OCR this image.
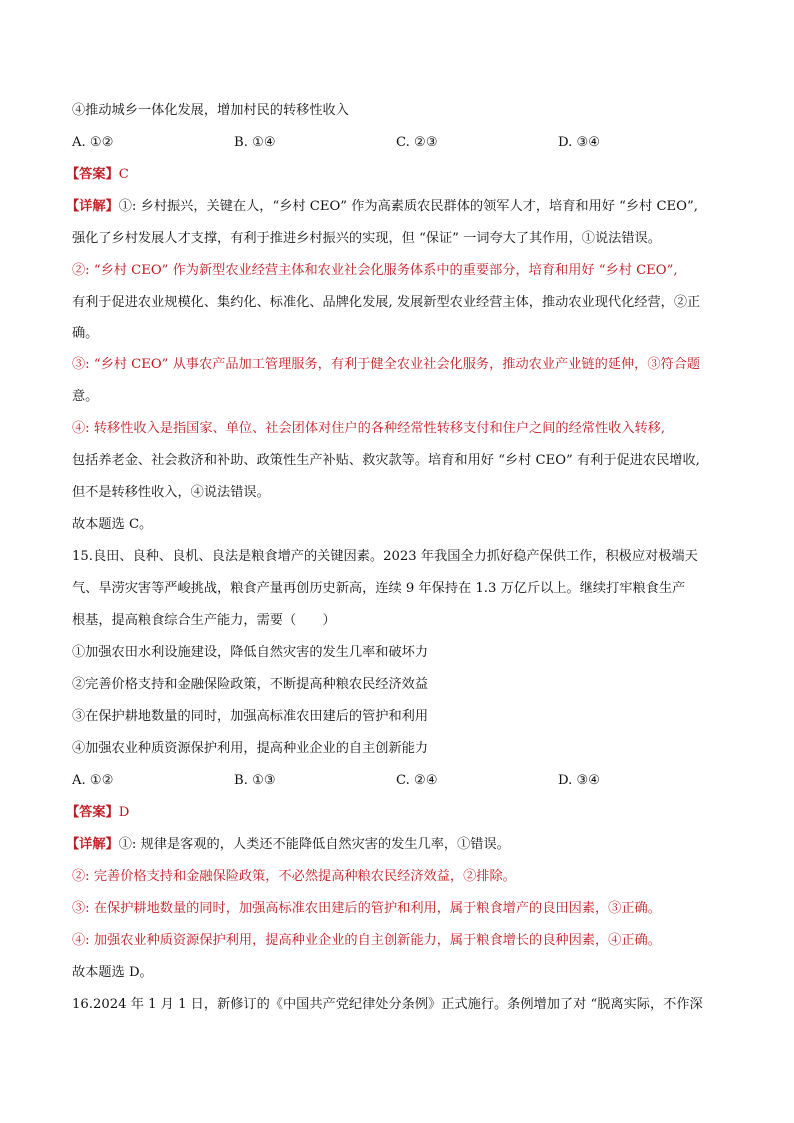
④推动城乡一体化发展，增加村民的转移性收入
A. ①②	B. ①④	C. ②③	D. ③④
【答案】C
【详解】①: 乡村振兴，关键在人，“乡村 CEO” 作为高素质农民群体的领军人才，培育和用好 “乡村 CEO”,
强化了乡村发展人才支撑，有利于推进乡村振兴的实现，但 “保证” 一词夸大了其作用，①说法错误。
②: “乡村 CEO” 作为新型农业经营主体和农业社会化服务体系中的重要部分，培育和用好 “乡村 CEO”,
有利于促进农业规模化、集约化、标准化、品牌化发展, 发展新型农业经营主体，推动农业现代化经营，②正
确。
③: “乡村 CEO” 从事农产品加工管理服务，有利于健全农业社会化服务，推动农业产业链的延伸，③符合题
意。
④: 转移性收入是指国家、单位、社会团体对住户的各种经常性转移支付和住户之间的经常性收入转移,
包括养老金、社会救济和补助、政策性生产补贴、救灾款等。培育和用好 “乡村 CEO” 有利于促进农民增收,
但不是转移性收入，④说法错误。
故本题选 C。
15.良田、良种、良机、良法是粮食增产的关键因素。2023 年我国全力抓好稳产保供工作，积极应对极端天
气、旱涝灾害等严峻挑战，粮食产量再创历史新高，连续 9 年保持在 1.3 万亿斤以上。继续打牢粮食生产
根基，提高粮食综合生产能力，需要（　　）
①加强农田水利设施建设，降低自然灾害的发生几率和破坏力
②完善价格支持和金融保险政策，不断提高种粮农民经济效益
③在保护耕地数量的同时，加强高标准农田建后的管护和利用
④加强农业种质资源保护利用，提高种业企业的自主创新能力
A. ①②	B. ①③	C. ②④	D. ③④
【答案】D
【详解】①: 规律是客观的，人类还不能降低自然灾害的发生几率，①错误。
②: 完善价格支持和金融保险政策，不必然提高种粮农民经济效益，②排除。
③: 在保护耕地数量的同时，加强高标准农田建后的管护和利用，属于粮食增产的良田因素，③正确。
④: 加强农业种质资源保护利用，提高种业企业的自主创新能力，属于粮食增长的良种因素，④正确。
故本题选 D。
16.2024 年 1 月 1 日，新修订的《中国共产党纪律处分条例》正式施行。条例增加了对 “脱离实际，不作深
